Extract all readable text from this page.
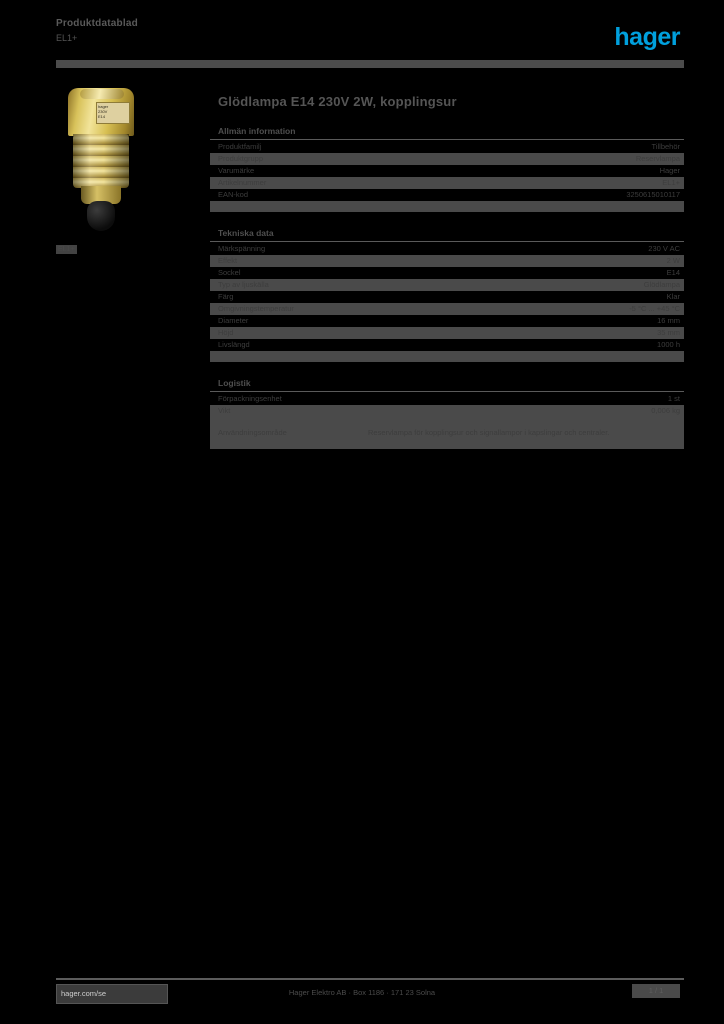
Produktdatablad
EL1+	hager
hager
230V
E14
EL1+
Glödlampa E14 230V 2W, kopplingsur
Allmän information
Produktfamilj	Tillbehör
Produktgrupp	Reservlampa
Varumärke	Hager
Artikelnummer	EL1+
EAN-kod	3250615010117
Tekniska data
Märkspänning	230 V AC
Effekt	2 W
Sockel	E14
Typ av ljuskälla	Glödlampa
Färg	Klar
Omgivningstemperatur	-5 °C ... +45 °C
Diameter	16 mm
Höjd	35 mm
Livslängd	1000 h
Logistik
Förpackningsenhet	1 st
Vikt	0,006 kg
Användningsområde	Reservlampa för kopplingsur och signallampor i kapslingar och centraler.
hager.com/se	Hager Elektro AB · Box 1186 · 171 23 Solna	1 / 1
